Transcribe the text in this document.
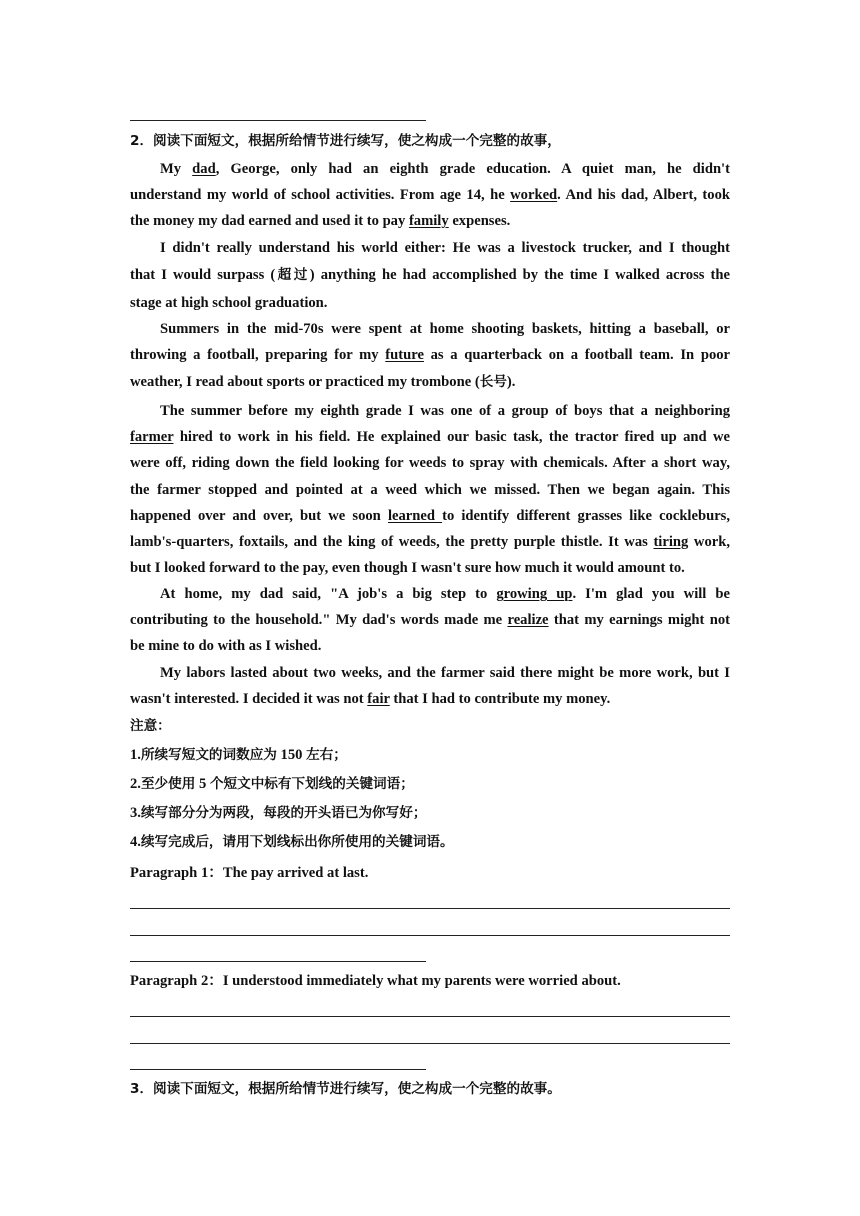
2．阅读下面短文，根据所给情节进行续写，使之构成一个完整的故事，
My dad, George, only had an eighth grade education. A quiet man, he didn't
understand my world of school activities. From age 14, he worked. And his dad, Albert, took
the money my dad earned and used it to pay family expenses.
I didn't really understand his world either: He was a livestock trucker, and I thought
that I would surpass (超过) anything he had accomplished by the time I walked across the
stage at high school graduation.
Summers in the mid-70s were spent at home shooting baskets, hitting a baseball, or
throwing a football, preparing for my future as a quarterback on a football team. In poor
weather, I read about sports or practiced my trombone (长号).
The summer before my eighth grade I was one of a group of boys that a neighboring
farmer hired to work in his field. He explained our basic task, the tractor fired up and we
were off, riding down the field looking for weeds to spray with chemicals. After a short way,
the farmer stopped and pointed at a weed which we missed. Then we began again. This
happened over and over, but we soon learned to identify different grasses like cockleburs,
lamb's-quarters, foxtails, and the king of weeds, the pretty purple thistle. It was tiring work,
but I looked forward to the pay, even though I wasn't sure how much it would amount to.
At home, my dad said, "A job's a big step to growing up. I'm glad you will be
contributing to the household." My dad's words made me realize that my earnings might not
be mine to do with as I wished.
My labors lasted about two weeks, and the farmer said there might be more work, but I
wasn't interested. I decided it was not fair that I had to contribute my money.
注意：
1.所续写短文的词数应为 150 左右；
2.至少使用 5 个短文中标有下划线的关键词语；
3.续写部分分为两段，每段的开头语已为你写好；
4.续写完成后，请用下划线标出你所使用的关键词语。
Paragraph 1：The pay arrived at last.
Paragraph 2：I understood immediately what my parents were worried about.
3．阅读下面短文，根据所给情节进行续写，使之构成一个完整的故事。
